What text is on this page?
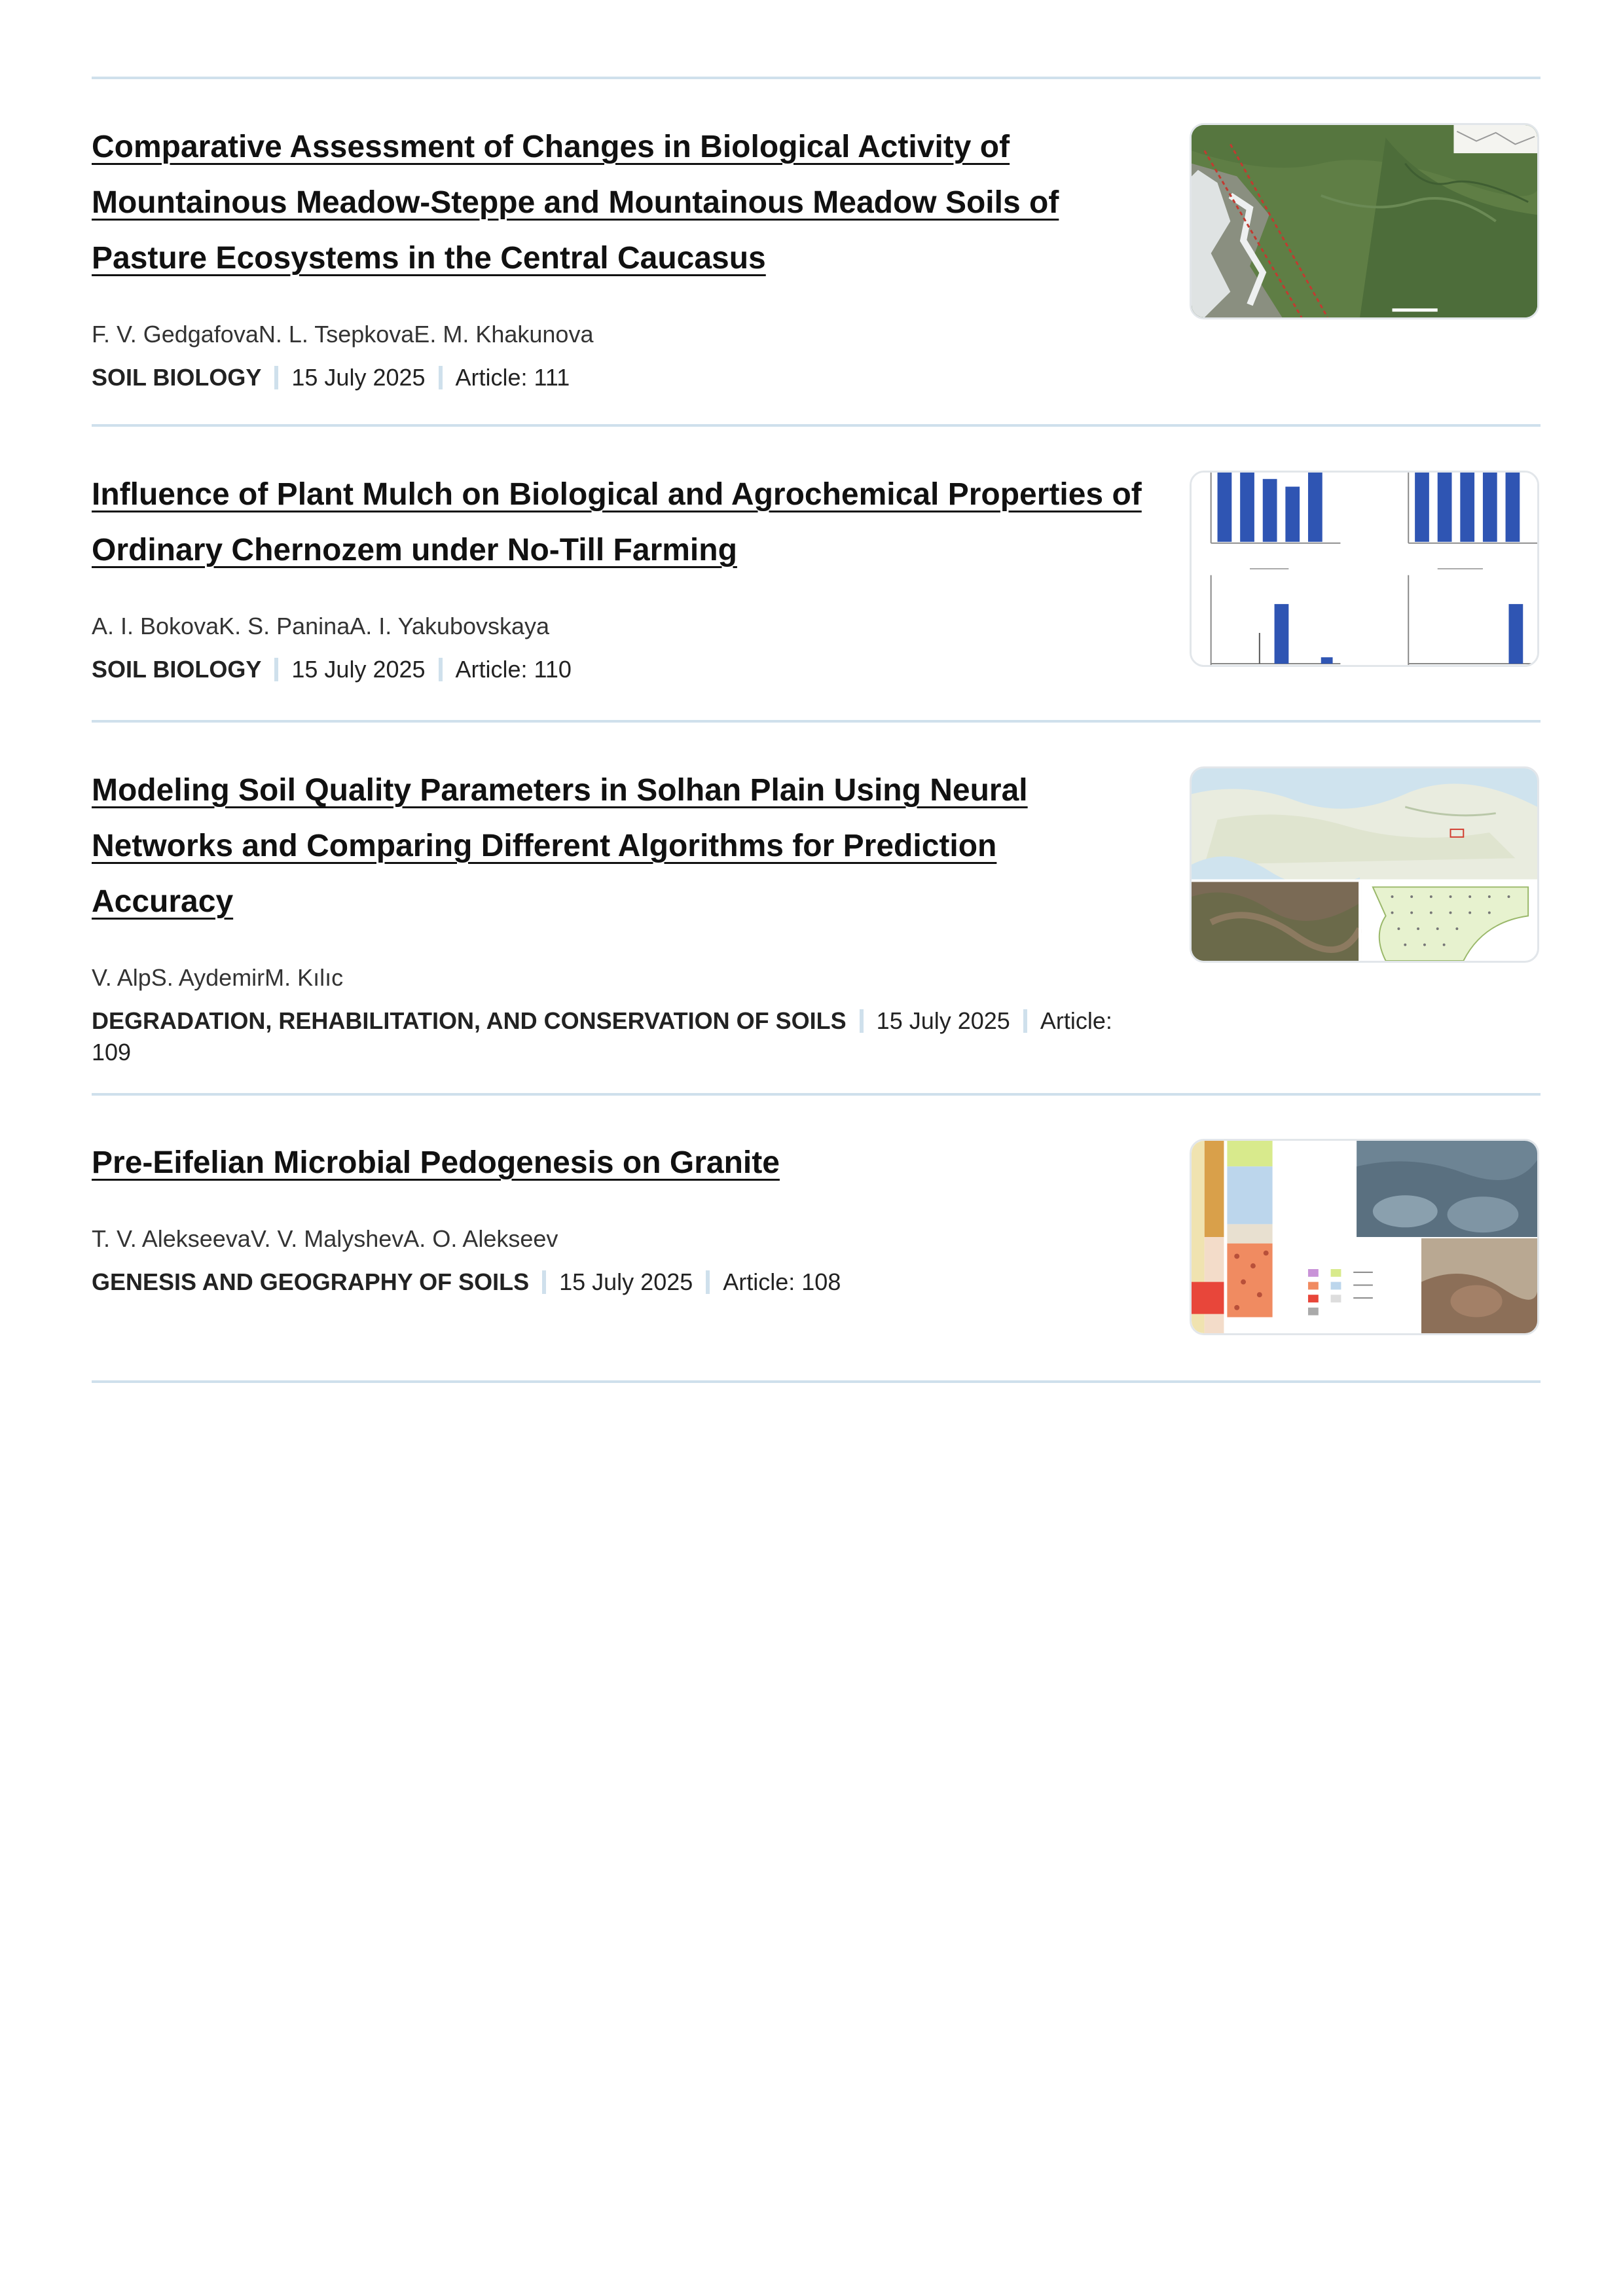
Comparative Assessment of Changes in Biological Activity of Mountainous Meadow-Steppe and Mountainous Meadow Soils of Pasture Ecosystems in the Central Caucasus

F. V. GedgafovaN. L. TsepkovaE. M. Khakunova
SOIL BIOLOGY 15 July 2025 Article: 111

Influence of Plant Mulch on Biological and Agrochemical Properties of Ordinary Chernozem under No-Till Farming

A. I. BokovaK. S. PaninaA. I. Yakubovskaya
SOIL BIOLOGY 15 July 2025 Article: 110

Modeling Soil Quality Parameters in Solhan Plain Using Neural Networks and Comparing Different Algorithms for Prediction Accuracy

V. AlpS. AydemirM. Kılıc
DEGRADATION, REHABILITATION, AND CONSERVATION OF SOILS 15 July 2025 Article: 109

Pre-Eifelian Microbial Pedogenesis on Granite

T. V. AlekseevaV. V. MalyshevA. O. Alekseev
GENESIS AND GEOGRAPHY OF SOILS 15 July 2025 Article: 108
